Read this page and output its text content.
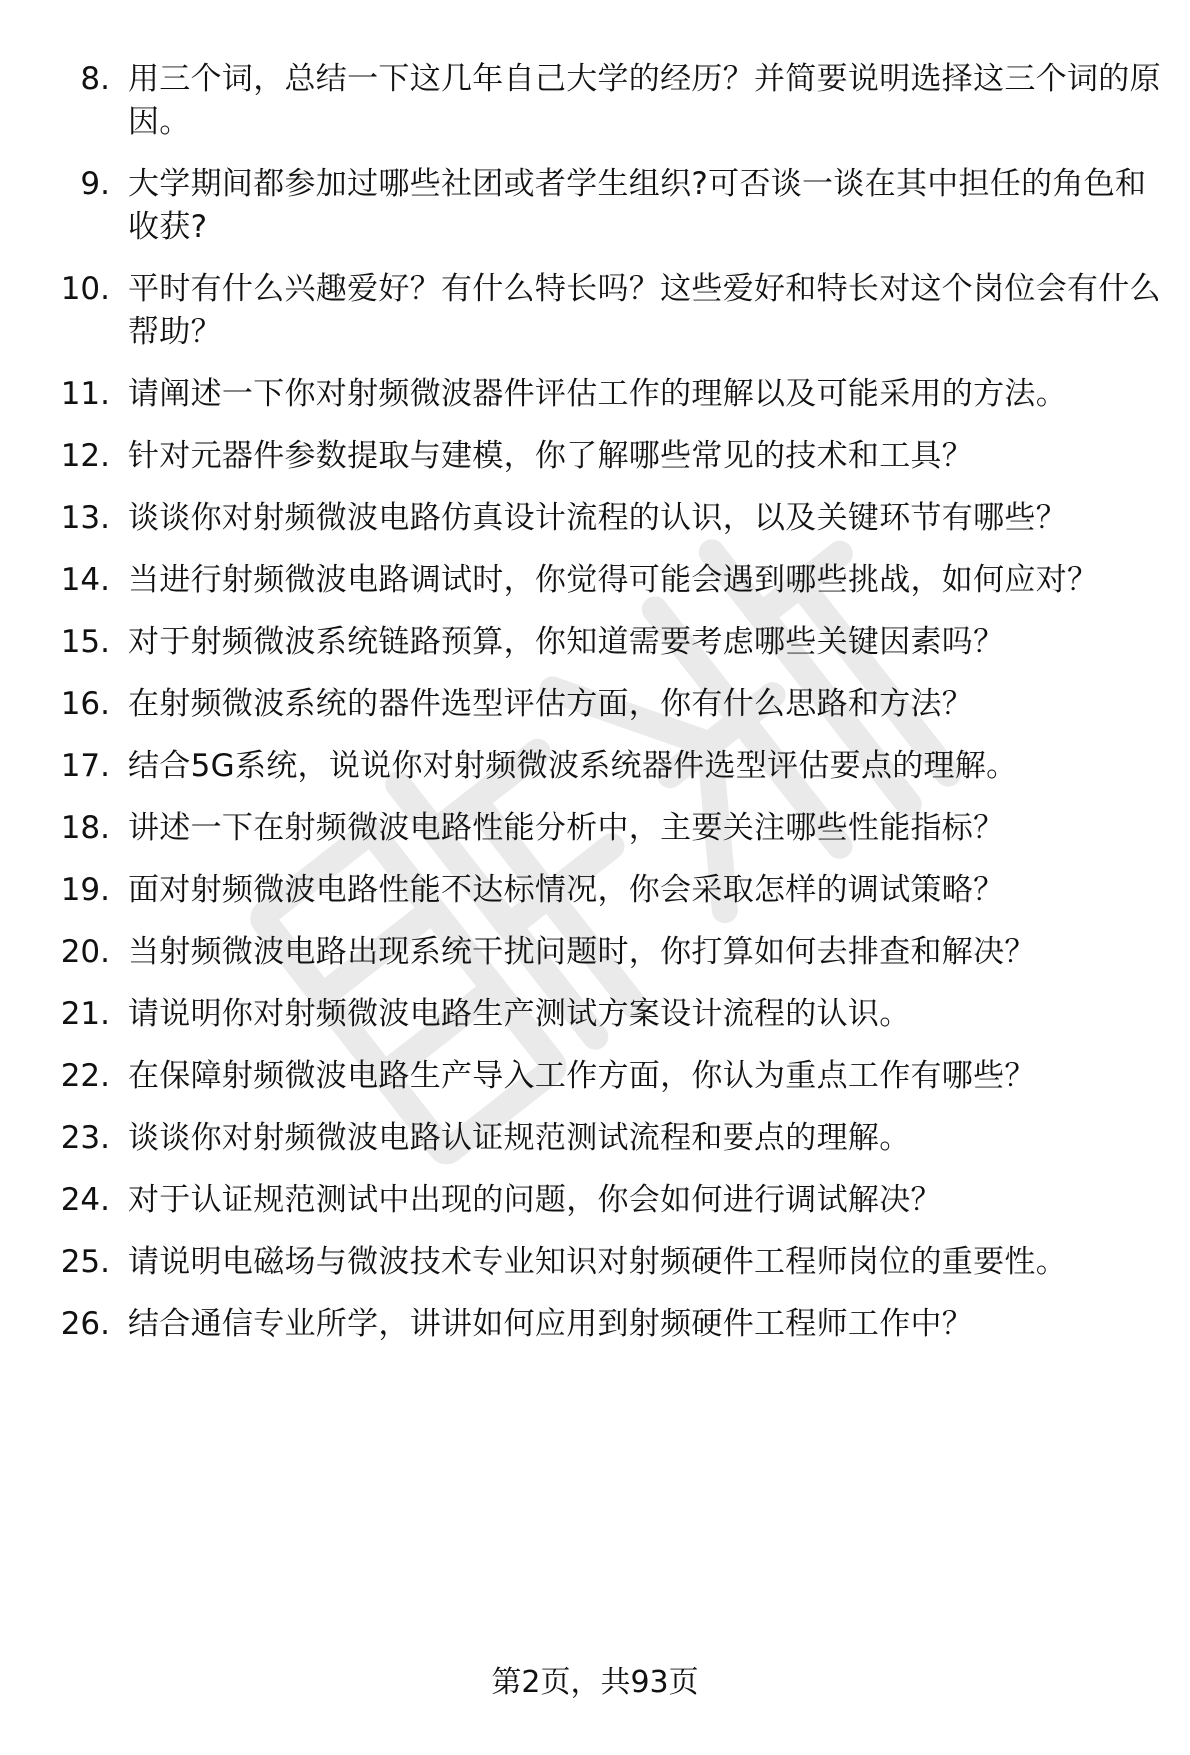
8. 用三个词，总结一下这几年自己大学的经历？并简要说明选择这三个词的原因。
9. 大学期间都参加过哪些社团或者学生组织?可否谈一谈在其中担任的角色和收获?
10. 平时有什么兴趣爱好？有什么特长吗？这些爱好和特长对这个岗位会有什么帮助？
11. 请阐述一下你对射频微波器件评估工作的理解以及可能采用的方法。
12. 针对元器件参数提取与建模，你了解哪些常见的技术和工具？
13. 谈谈你对射频微波电路仿真设计流程的认识，以及关键环节有哪些？
14. 当进行射频微波电路调试时，你觉得可能会遇到哪些挑战，如何应对？
15. 对于射频微波系统链路预算，你知道需要考虑哪些关键因素吗？
16. 在射频微波系统的器件选型评估方面，你有什么思路和方法？
17. 结合5G系统，说说你对射频微波系统器件选型评估要点的理解。
18. 讲述一下在射频微波电路性能分析中，主要关注哪些性能指标？
19. 面对射频微波电路性能不达标情况，你会采取怎样的调试策略？
20. 当射频微波电路出现系统干扰问题时，你打算如何去排查和解决？
21. 请说明你对射频微波电路生产测试方案设计流程的认识。
22. 在保障射频微波电路生产导入工作方面，你认为重点工作有哪些？
23. 谈谈你对射频微波电路认证规范测试流程和要点的理解。
24. 对于认证规范测试中出现的问题，你会如何进行调试解决？
25. 请说明电磁场与微波技术专业知识对射频硬件工程师岗位的重要性。
26. 结合通信专业所学，讲讲如何应用到射频硬件工程师工作中？
第2页，共93页
